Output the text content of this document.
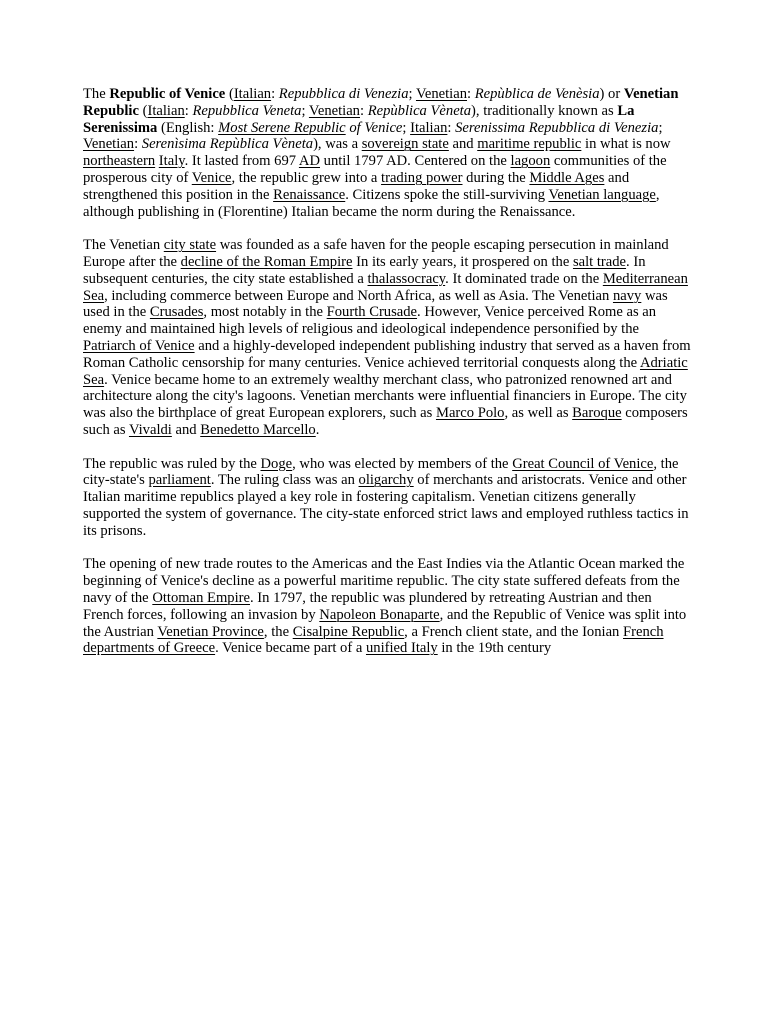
The Republic of Venice (Italian: Repubblica di Venezia; Venetian: Repùblica de Venèsia) or Venetian Republic (Italian: Repubblica Veneta; Venetian: Repùblica Vèneta), traditionally known as La Serenissima (English: Most Serene Republic of Venice; Italian: Serenissima Repubblica di Venezia; Venetian: Serenìsima Repùblica Vèneta), was a sovereign state and maritime republic in what is now northeastern Italy. It lasted from 697 AD until 1797 AD. Centered on the lagoon communities of the prosperous city of Venice, the republic grew into a trading power during the Middle Ages and strengthened this position in the Renaissance. Citizens spoke the still-surviving Venetian language, although publishing in (Florentine) Italian became the norm during the Renaissance.

The Venetian city state was founded as a safe haven for the people escaping persecution in mainland Europe after the decline of the Roman Empire In its early years, it prospered on the salt trade. In subsequent centuries, the city state established a thalassocracy. It dominated trade on the Mediterranean Sea, including commerce between Europe and North Africa, as well as Asia. The Venetian navy was used in the Crusades, most notably in the Fourth Crusade. However, Venice perceived Rome as an enemy and maintained high levels of religious and ideological independence personified by the Patriarch of Venice and a highly-developed independent publishing industry that served as a haven from Roman Catholic censorship for many centuries. Venice achieved territorial conquests along the Adriatic Sea. Venice became home to an extremely wealthy merchant class, who patronized renowned art and architecture along the city's lagoons. Venetian merchants were influential financiers in Europe. The city was also the birthplace of great European explorers, such as Marco Polo, as well as Baroque composers such as Vivaldi and Benedetto Marcello.

The republic was ruled by the Doge, who was elected by members of the Great Council of Venice, the city-state's parliament. The ruling class was an oligarchy of merchants and aristocrats. Venice and other Italian maritime republics played a key role in fostering capitalism. Venetian citizens generally supported the system of governance. The city-state enforced strict laws and employed ruthless tactics in its prisons.

The opening of new trade routes to the Americas and the East Indies via the Atlantic Ocean marked the beginning of Venice's decline as a powerful maritime republic. The city state suffered defeats from the navy of the Ottoman Empire. In 1797, the republic was plundered by retreating Austrian and then French forces, following an invasion by Napoleon Bonaparte, and the Republic of Venice was split into the Austrian Venetian Province, the Cisalpine Republic, a French client state, and the Ionian French departments of Greece. Venice became part of a unified Italy in the 19th century
